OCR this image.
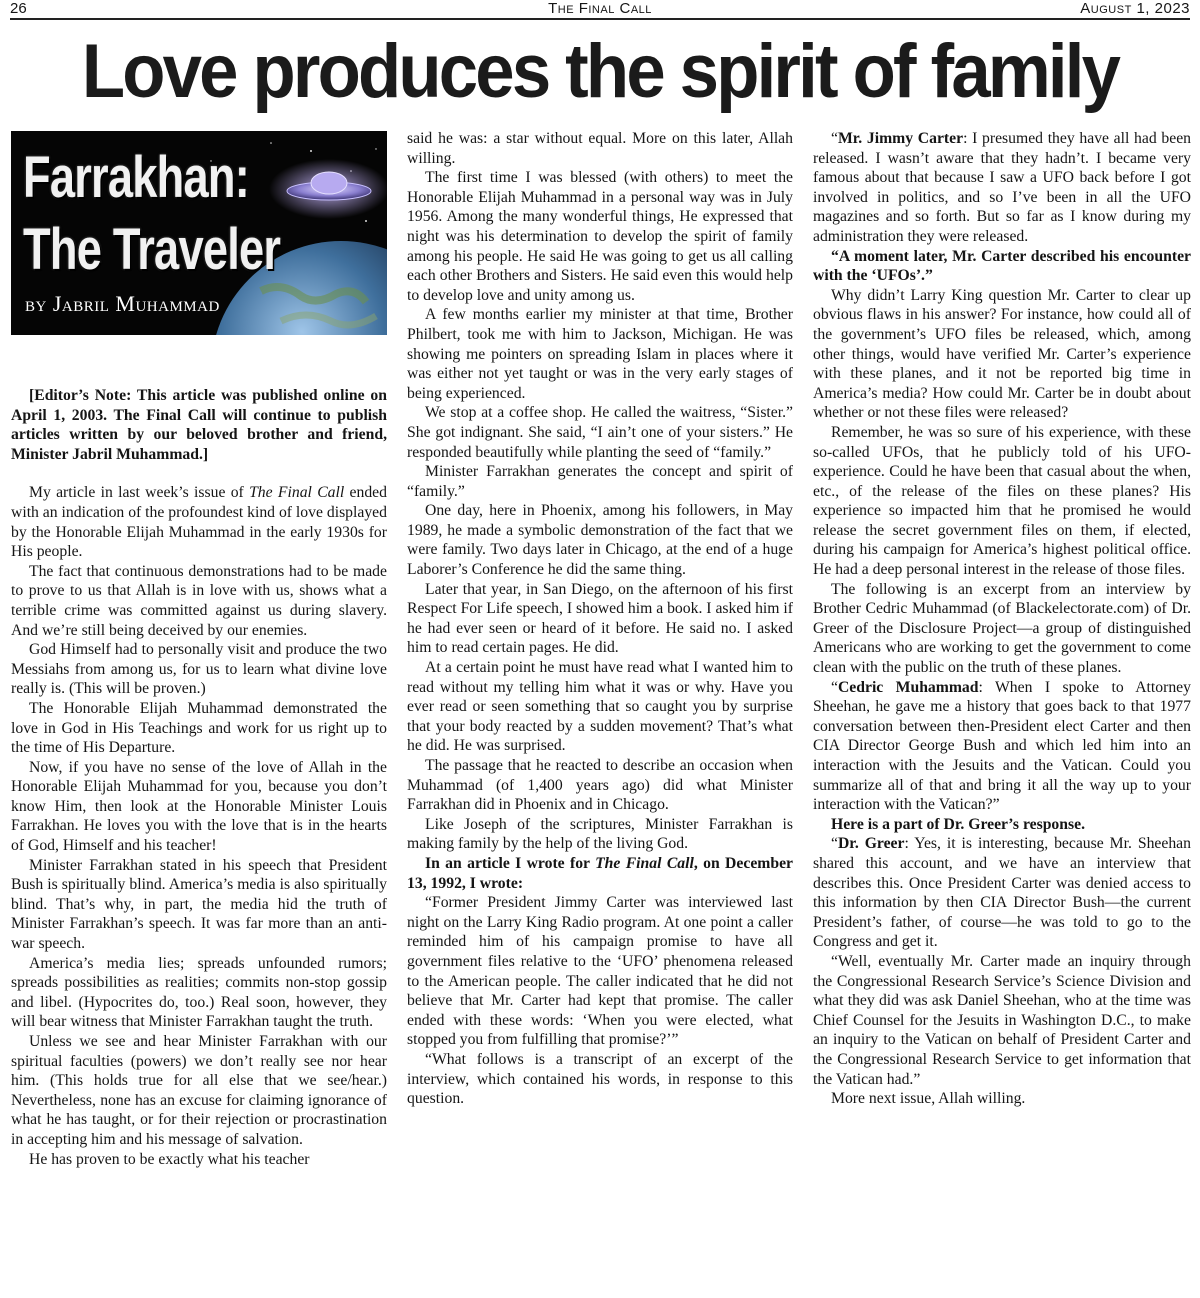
26	The Final Call	August 1, 2023
Love produces the spirit of family
Farrakhan:
The Traveler
by Jabril Muhammad

[Editor’s Note: This article was published online on April 1, 2003. The Final Call will continue to publish articles written by our beloved brother and friend, Minister Jabril Muhammad.]

My article in last week’s issue of The Final Call ended with an indication of the profoundest kind of love displayed by the Honorable Elijah Muhammad in the early 1930s for His people.

The fact that continuous demonstrations had to be made to prove to us that Allah is in love with us, shows what a terrible crime was committed against us during slavery. And we’re still being deceived by our enemies.

God Himself had to personally visit and produce the two Messiahs from among us, for us to learn what divine love really is. (This will be proven.)

The Honorable Elijah Muhammad demonstrated the love in God in His Teachings and work for us right up to the time of His Departure.

Now, if you have no sense of the love of Allah in the Honorable Elijah Muhammad for you, because you don’t know Him, then look at the Honorable Minister Louis Farrakhan. He loves you with the love that is in the hearts of God, Himself and his teacher!

Minister Farrakhan stated in his speech that President Bush is spiritually blind. America’s media is also spiritually blind. That’s why, in part, the media hid the truth of Minister Farrakhan’s speech. It was far more than an anti-war speech.

America’s media lies; spreads unfounded rumors; spreads possibilities as realities; commits non-stop gossip and libel. (Hypocrites do, too.) Real soon, however, they will bear witness that Minister Farrakhan taught the truth.

Unless we see and hear Minister Farrakhan with our spiritual faculties (powers) we don’t really see nor hear him. (This holds true for all else that we see/hear.) Nevertheless, none has an excuse for claiming ignorance of what he has taught, or for their rejection or procrastination in accepting him and his message of salvation.

He has proven to be exactly what his teacher

said he was: a star without equal. More on this later, Allah willing.

The first time I was blessed (with others) to meet the Honorable Elijah Muhammad in a personal way was in July 1956. Among the many wonderful things, He expressed that night was his determination to develop the spirit of family among his people. He said He was going to get us all calling each other Brothers and Sisters. He said even this would help to develop love and unity among us.

A few months earlier my minister at that time, Brother Philbert, took me with him to Jackson, Michigan. He was showing me pointers on spreading Islam in places where it was either not yet taught or was in the very early stages of being experienced.

We stop at a coffee shop. He called the waitress, “Sister.” She got indignant. She said, “I ain’t one of your sisters.” He responded beautifully while planting the seed of “family.”

Minister Farrakhan generates the concept and spirit of “family.”

One day, here in Phoenix, among his followers, in May 1989, he made a symbolic demonstration of the fact that we were family. Two days later in Chicago, at the end of a huge Laborer’s Conference he did the same thing.

Later that year, in San Diego, on the afternoon of his first Respect For Life speech, I showed him a book. I asked him if he had ever seen or heard of it before. He said no. I asked him to read certain pages. He did.

At a certain point he must have read what I wanted him to read without my telling him what it was or why. Have you ever read or seen something that so caught you by surprise that your body reacted by a sudden movement? That’s what he did. He was surprised.

The passage that he reacted to describe an occasion when Muhammad (of 1,400 years ago) did what Minister Farrakhan did in Phoenix and in Chicago.

Like Joseph of the scriptures, Minister Farrakhan is making family by the help of the living God.

In an article I wrote for The Final Call, on December 13, 1992, I wrote:

“Former President Jimmy Carter was interviewed last night on the Larry King Radio program. At one point a caller reminded him of his campaign promise to have all government files relative to the ‘UFO’ phenomena released to the American people. The caller indicated that he did not believe that Mr. Carter had kept that promise. The caller ended with these words: ‘When you were elected, what stopped you from fulfilling that promise?’”

“What follows is a transcript of an excerpt of the interview, which contained his words, in response to this question.

“Mr. Jimmy Carter: I presumed they have all had been released. I wasn’t aware that they hadn’t. I became very famous about that because I saw a UFO back before I got involved in politics, and so I’ve been in all the UFO magazines and so forth. But so far as I know during my administration they were released.

“A moment later, Mr. Carter described his encounter with the ‘UFOs’.”

Why didn’t Larry King question Mr. Carter to clear up obvious flaws in his answer? For instance, how could all of the government’s UFO files be released, which, among other things, would have verified Mr. Carter’s experience with these planes, and it not be reported big time in America’s media? How could Mr. Carter be in doubt about whether or not these files were released?

Remember, he was so sure of his experience, with these so-called UFOs, that he publicly told of his UFO-experience. Could he have been that casual about the when, etc., of the release of the files on these planes? His experience so impacted him that he promised he would release the secret government files on them, if elected, during his campaign for America’s highest political office. He had a deep personal interest in the release of those files.

The following is an excerpt from an interview by Brother Cedric Muhammad (of Blackelectorate.com) of Dr. Greer of the Disclosure Project—a group of distinguished Americans who are working to get the government to come clean with the public on the truth of these planes.

“Cedric Muhammad: When I spoke to Attorney Sheehan, he gave me a history that goes back to that 1977 conversation between then-President elect Carter and then CIA Director George Bush and which led him into an interaction with the Jesuits and the Vatican. Could you summarize all of that and bring it all the way up to your interaction with the Vatican?”

Here is a part of Dr. Greer’s response.

“Dr. Greer: Yes, it is interesting, because Mr. Sheehan shared this account, and we have an interview that describes this. Once President Carter was denied access to this information by then CIA Director Bush—the current President’s father, of course—he was told to go to the Congress and get it.

“Well, eventually Mr. Carter made an inquiry through the Congressional Research Service’s Science Division and what they did was ask Daniel Sheehan, who at the time was Chief Counsel for the Jesuits in Washington D.C., to make an inquiry to the Vatican on behalf of President Carter and the Congressional Research Service to get information that the Vatican had.”

More next issue, Allah willing.
